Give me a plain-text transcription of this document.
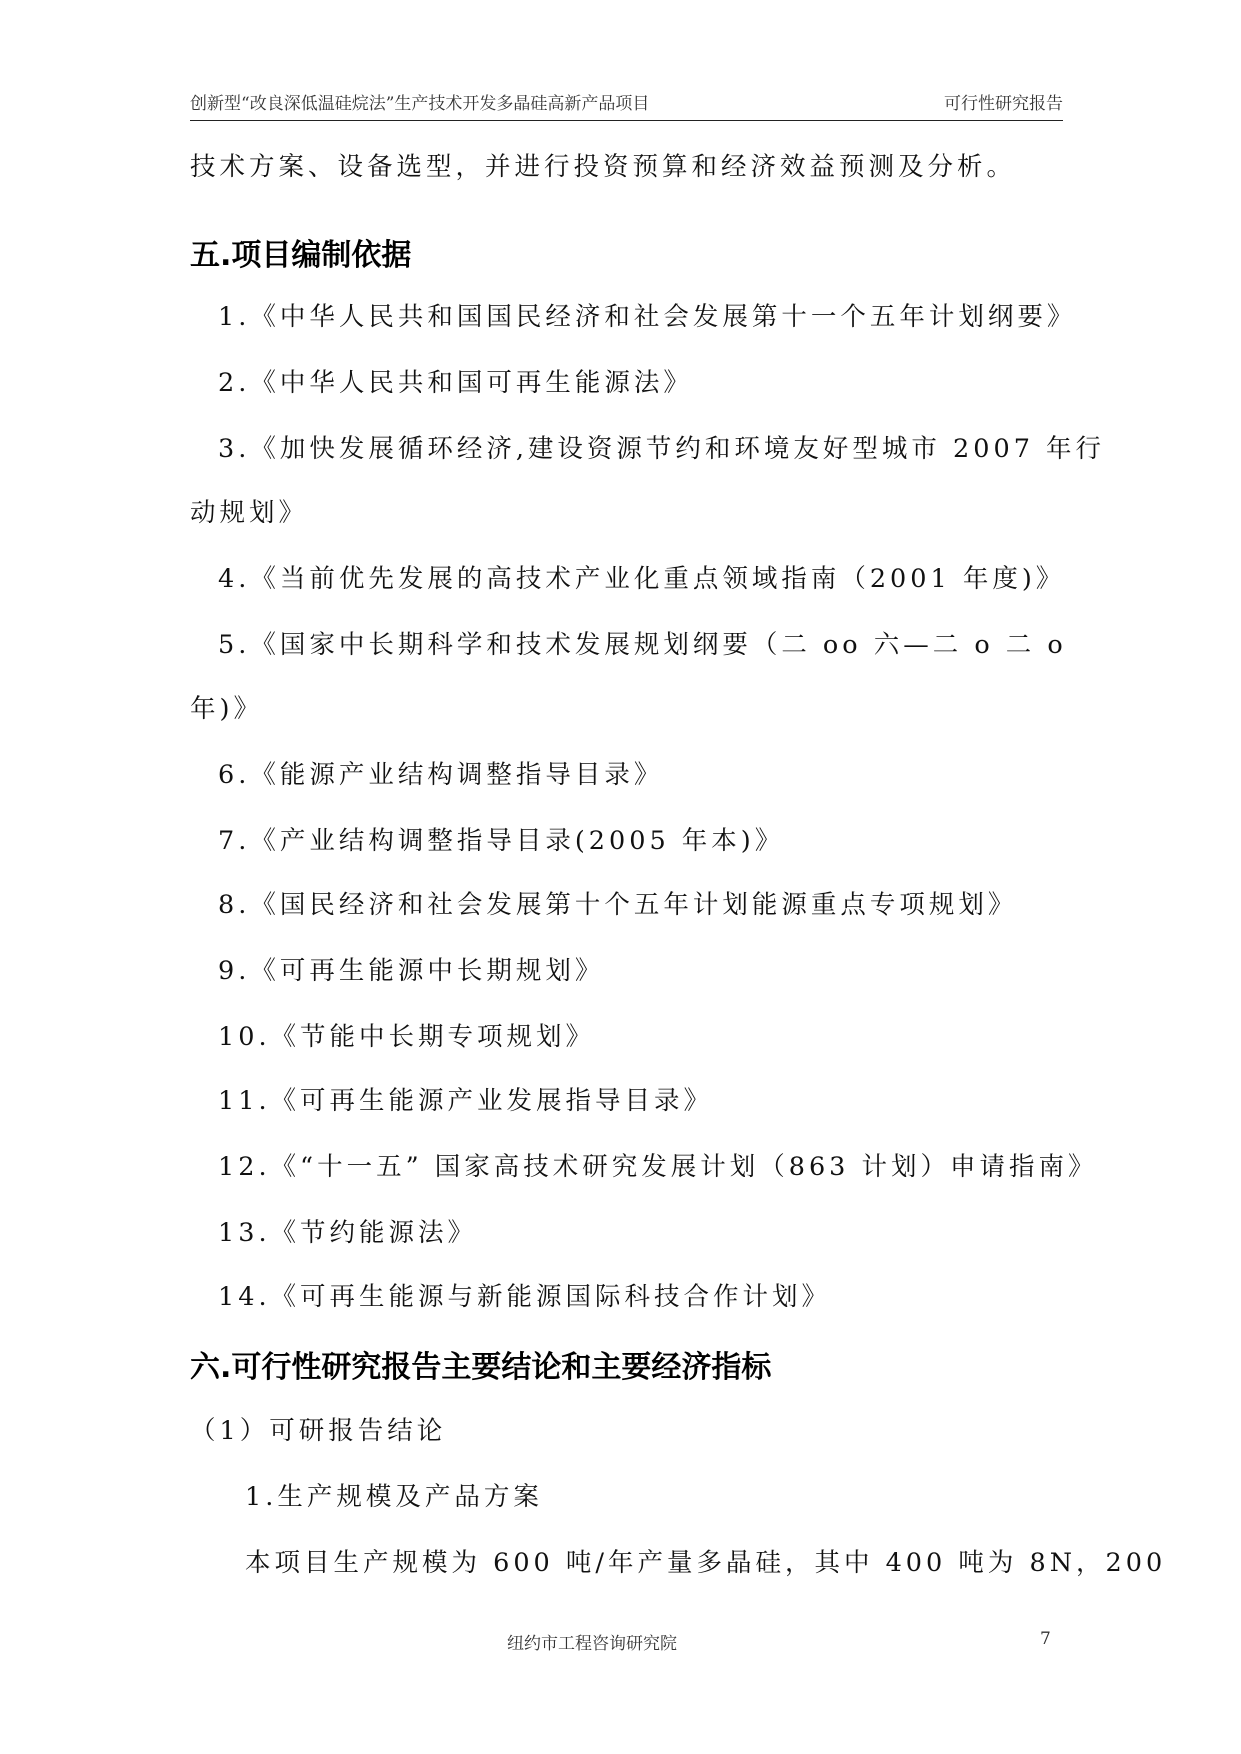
创新型“改良深低温硅烷法”生产技术开发多晶硅高新产品项目	可行性研究报告
技术方案、设备选型，并进行投资预算和经济效益预测及分析。
五.项目编制依据
1.《中华人民共和国国民经济和社会发展第十一个五年计划纲要》
2.《中华人民共和国可再生能源法》
3.《加快发展循环经济,建设资源节约和环境友好型城市 2007 年行
动规划》
4.《当前优先发展的高技术产业化重点领域指南（2001 年度)》
5.《国家中长期科学和技术发展规划纲要（二 oo 六—二 o 二 o
年)》
6.《能源产业结构调整指导目录》
7.《产业结构调整指导目录(2005 年本)》
8.《国民经济和社会发展第十个五年计划能源重点专项规划》
9.《可再生能源中长期规划》
10.《节能中长期专项规划》
11.《可再生能源产业发展指导目录》
12.《“十一五” 国家高技术研究发展计划（863 计划）申请指南》
13.《节约能源法》
14.《可再生能源与新能源国际科技合作计划》
六.可行性研究报告主要结论和主要经济指标
（1）可研报告结论
1.生产规模及产品方案
本项目生产规模为 600 吨/年产量多晶硅，其中 400 吨为 8N，200
纽约市工程咨询研究院	7
